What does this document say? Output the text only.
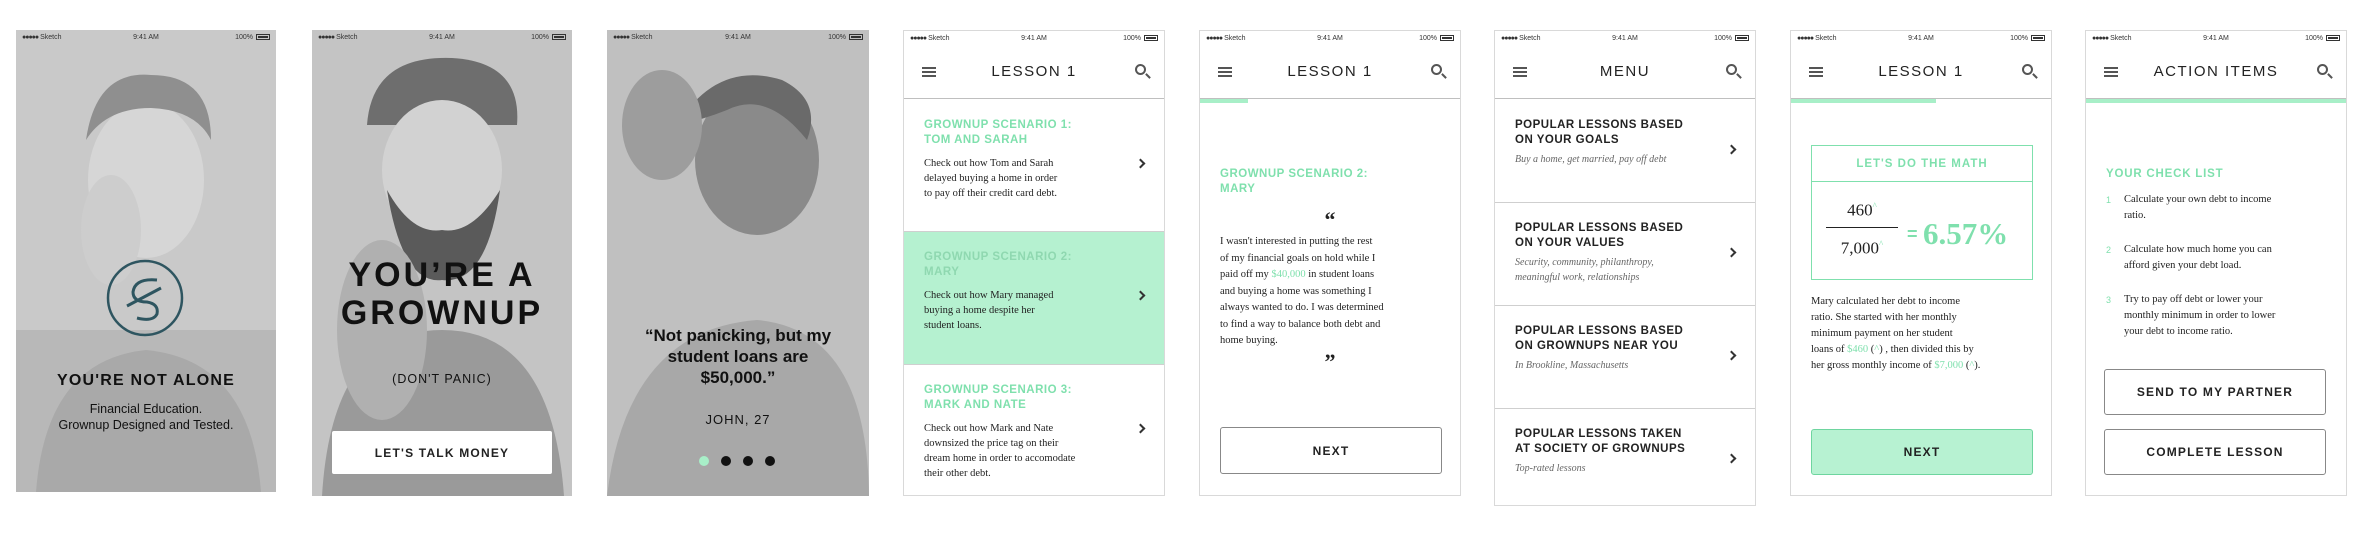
●●●●● Sketch	9:41 AM	100%
YOU'RE NOT ALONE
Financial Education.
Grownup Designed and Tested.
●●●●● Sketch	9:41 AM	100%
YOU’RE A
GROWNUP
(DON'T PANIC)
LET'S TALK MONEY
●●●●● Sketch	9:41 AM	100%
“Not panicking, but my
student loans are
$50,000.”
JOHN, 27
●●●●● Sketch	9:41 AM	100%
LESSON 1
GROWNUP SCENARIO 1:
TOM AND SARAH
Check out how Tom and Sarah
delayed buying a home in order
to pay off their credit card debt.
GROWNUP SCENARIO 2:
MARY
Check out how Mary managed
buying a home despite her
student loans.
GROWNUP SCENARIO 3:
MARK AND NATE
Check out how Mark and Nate
downsized the price tag on their
dream home in order to accomodate
their other debt.
●●●●● Sketch	9:41 AM	100%
LESSON 1
GROWNUP SCENARIO 2:
MARY
“
I wasn't interested in putting the rest
of my financial goals on hold while I
paid off my $40,000 in student loans
and buying a home was something I
always wanted to do. I was determined
to find a way to balance both debt and
home buying.
”
NEXT
●●●●● Sketch	9:41 AM	100%
MENU
POPULAR LESSONS BASED
ON YOUR GOALS
Buy a home, get married, pay off debt
POPULAR LESSONS BASED
ON YOUR VALUES
Security, community, philanthropy,
meaningful work, relationships
POPULAR LESSONS BASED
ON GROWNUPS NEAR YOU
In Brookline, Massachusetts
POPULAR LESSONS TAKEN
AT SOCIETY OF GROWNUPS
Top-rated lessons
●●●●● Sketch	9:41 AM	100%
LESSON 1
LET'S DO THE MATH
460^
7,000^
= 6.57%
Mary calculated her debt to income
ratio. She started with her monthly
minimum payment on her student
loans of $460 (^) , then divided this by
her gross monthly income of $7,000 (^).
NEXT
●●●●● Sketch	9:41 AM	100%
ACTION ITEMS
YOUR CHECK LIST
1 Calculate your own debt to income
ratio.
2 Calculate how much home you can
afford given your debt load.
3 Try to pay off debt or lower your
monthly minimum in order to lower
your debt to income ratio.
SEND TO MY PARTNER
COMPLETE LESSON
